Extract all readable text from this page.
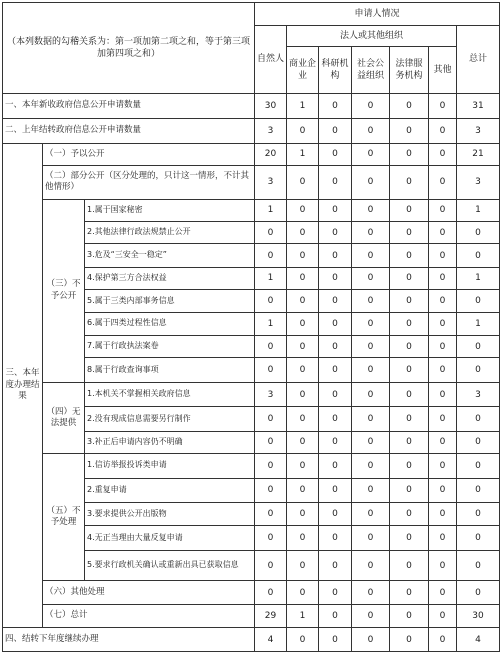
（本列数据的勾稽关系为：第一项加第二项之和，等于第三项加第四项之和）			申请人情况						
			自然人	法人或其他组织					总计
				商业企业	科研机构	社会公益组织	法律服务机构	其他	
一、本年新收政府信息公开申请数量			30	1	0	0	0	0	31
二、上年结转政府信息公开申请数量			3	0	0	0	0	0	3
三、本年度办理结果	（一）予以公开		20	1	0	0	0	0	21
	（二）部分公开（区分处理的，只计这一情形，不计其他情形）		3	0	0	0	0	0	3
	（三）不予公开	1.属于国家秘密	1	0	0	0	0	0	1
		2.其他法律行政法规禁止公开	0	0	0	0	0	0	0
		3.危及“三安全一稳定”	0	0	0	0	0	0	0
		4.保护第三方合法权益	1	0	0	0	0	0	1
		5.属于三类内部事务信息	0	0	0	0	0	0	0
		6.属于四类过程性信息	1	0	0	0	0	0	1
		7.属于行政执法案卷	0	0	0	0	0	0	0
		8.属于行政查询事项	0	0	0	0	0	0	0
	（四）无法提供	1.本机关不掌握相关政府信息	3	0	0	0	0	0	3
		2.没有现成信息需要另行制作	0	0	0	0	0	0	0
		3.补正后申请内容仍不明确	0	0	0	0	0	0	0
	（五）不予处理	1.信访举报投诉类申请	0	0	0	0	0	0	0
		2.重复申请	0	0	0	0	0	0	0
		3.要求提供公开出版物	0	0	0	0	0	0	0
		4.无正当理由大量反复申请	0	0	0	0	0	0	0
		5.要求行政机关确认或重新出具已获取信息	0	0	0	0	0	0	0
	（六）其他处理		0	0	0	0	0	0	0
	（七）总计		29	1	0	0	0	0	30
四、结转下年度继续办理			4	0	0	0	0	0	4
